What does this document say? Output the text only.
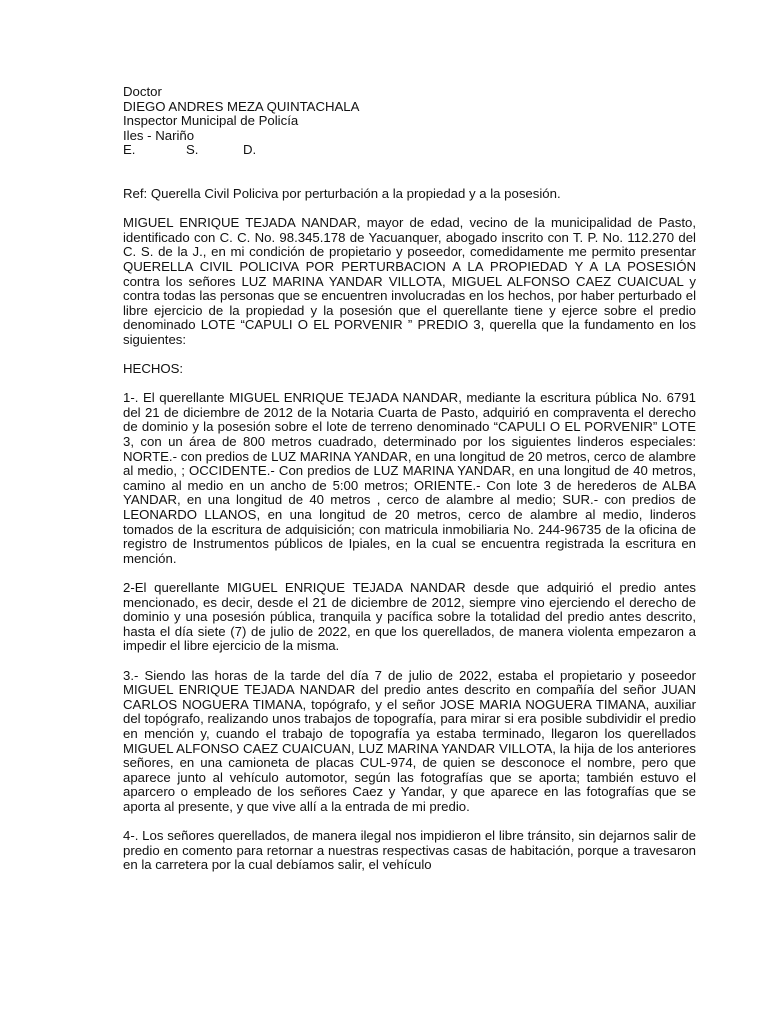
Doctor
DIEGO ANDRES MEZA QUINTACHALA
Inspector Municipal de Policía
Iles - Nariño
E.	S.	D.
Ref: Querella Civil Policiva por perturbación a la propiedad y a la posesión.
MIGUEL ENRIQUE TEJADA NANDAR, mayor de edad, vecino de la municipalidad de Pasto, identificado con C. C. No. 98.345.178 de Yacuanquer, abogado inscrito con T. P. No. 112.270 del C. S. de la J., en mi condición de propietario y poseedor, comedidamente me permito presentar QUERELLA CIVIL POLICIVA POR PERTURBACION A LA PROPIEDAD Y A LA POSESIÓN contra los señores LUZ MARINA YANDAR VILLOTA, MIGUEL ALFONSO CAEZ CUAICUAL y contra todas las personas que se encuentren involucradas en los hechos, por haber perturbado el libre ejercicio de la propiedad y la posesión que el querellante tiene y ejerce sobre el predio denominado LOTE “CAPULI O EL PORVENIR ” PREDIO 3, querella que la fundamento en los siguientes:
HECHOS:
1-. El querellante MIGUEL ENRIQUE TEJADA NANDAR, mediante la escritura pública No. 6791 del 21 de diciembre de 2012 de la Notaria Cuarta de Pasto, adquirió en compraventa el derecho de dominio y la posesión sobre el lote de terreno denominado “CAPULI O EL PORVENIR” LOTE 3, con un área de 800 metros cuadrado, determinado por los siguientes linderos especiales: NORTE.- con predios de LUZ MARINA YANDAR, en una longitud de 20 metros, cerco de alambre al medio, ; OCCIDENTE.- Con predios de LUZ MARINA YANDAR, en una longitud de 40 metros, camino al medio en un ancho de 5:00 metros; ORIENTE.- Con lote 3 de herederos de ALBA YANDAR, en una longitud de 40 metros , cerco de alambre al medio; SUR.- con predios de LEONARDO LLANOS, en una longitud de 20 metros, cerco de alambre al medio, linderos tomados de la escritura de adquisición; con matricula inmobiliaria No. 244-96735 de la oficina de registro de Instrumentos públicos de Ipiales, en la cual se encuentra registrada la escritura en mención.
2-El querellante MIGUEL ENRIQUE TEJADA NANDAR desde que adquirió el predio antes mencionado, es decir, desde el 21 de diciembre de 2012, siempre vino ejerciendo el derecho de dominio y una posesión pública, tranquila y pacífica sobre la totalidad del predio antes descrito, hasta el día siete (7) de julio de 2022, en que los querellados, de manera violenta empezaron a impedir el libre ejercicio de la misma.
3.- Siendo las horas de la tarde del día 7 de julio de 2022, estaba el propietario y poseedor MIGUEL ENRIQUE TEJADA NANDAR del predio antes descrito en compañía del señor JUAN CARLOS NOGUERA TIMANA, topógrafo, y el señor JOSE MARIA NOGUERA TIMANA, auxiliar del topógrafo, realizando unos trabajos de topografía, para mirar si era posible subdividir el predio en mención y, cuando el trabajo de topografía ya estaba terminado, llegaron los querellados MIGUEL ALFONSO CAEZ CUAICUAN, LUZ MARINA YANDAR VILLOTA, la hija de los anteriores señores, en una camioneta de placas CUL-974, de quien se desconoce el nombre, pero que aparece junto al vehículo automotor, según las fotografías que se aporta; también estuvo el aparcero o empleado de los señores Caez y Yandar, y que aparece en las fotografías que se aporta al presente, y que vive allí a la entrada de mi predio.
4-. Los señores querellados, de manera ilegal nos impidieron el libre tránsito, sin dejarnos salir de predio en comento para retornar a nuestras respectivas casas de habitación, porque a travesaron en la carretera por la cual debíamos salir, el vehículo
